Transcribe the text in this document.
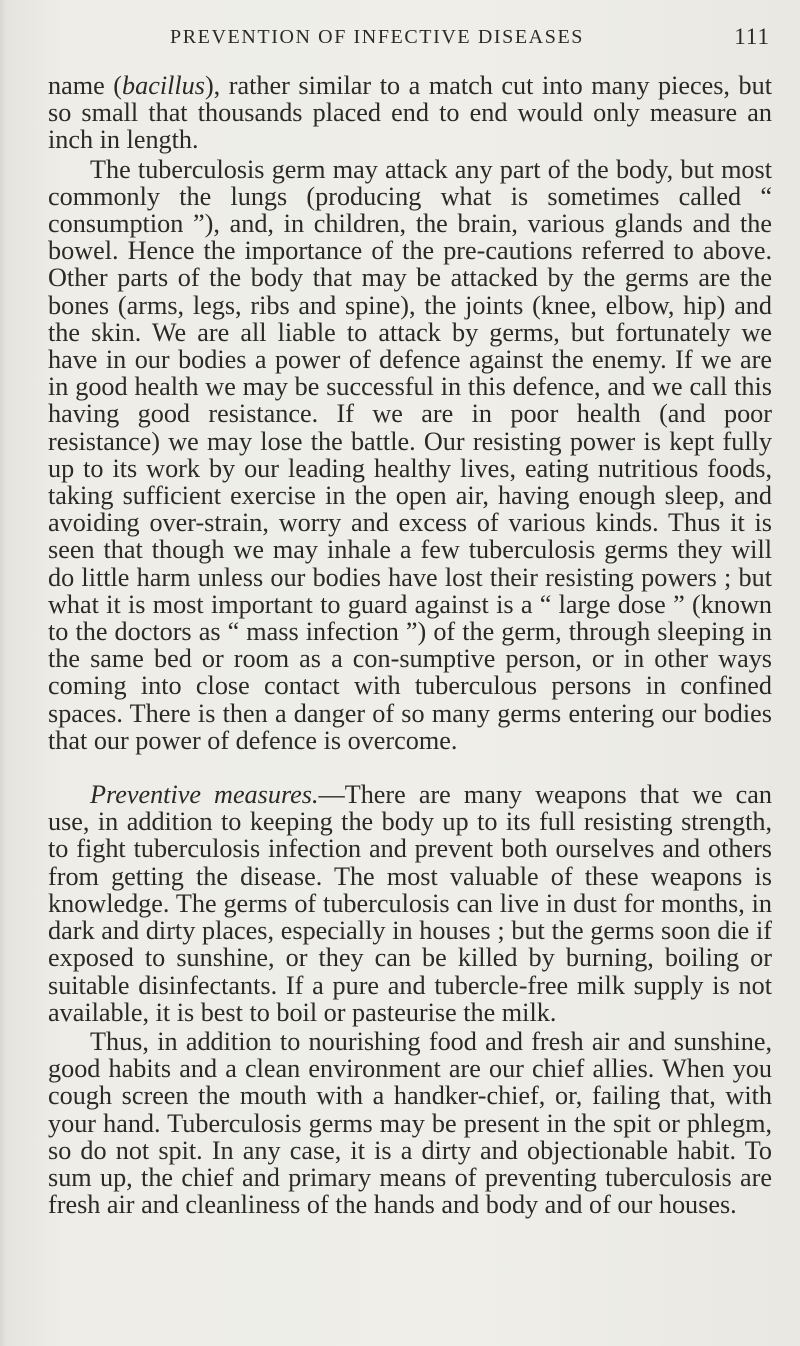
PREVENTION OF INFECTIVE DISEASES	111

name (bacillus), rather similar to a match cut into many pieces, but so small that thousands placed end to end would only measure an inch in length.

The tuberculosis germ may attack any part of the body, but most commonly the lungs (producing what is sometimes called “ consumption ”), and, in children, the brain, various glands and the bowel. Hence the importance of the pre-cautions referred to above. Other parts of the body that may be attacked by the germs are the bones (arms, legs, ribs and spine), the joints (knee, elbow, hip) and the skin. We are all liable to attack by germs, but fortunately we have in our bodies a power of defence against the enemy. If we are in good health we may be successful in this defence, and we call this having good resistance. If we are in poor health (and poor resistance) we may lose the battle. Our resisting power is kept fully up to its work by our leading healthy lives, eating nutritious foods, taking sufficient exercise in the open air, having enough sleep, and avoiding over-strain, worry and excess of various kinds. Thus it is seen that though we may inhale a few tuberculosis germs they will do little harm unless our bodies have lost their resisting powers ; but what it is most important to guard against is a “ large dose ” (known to the doctors as “ mass infection ”) of the germ, through sleeping in the same bed or room as a con-sumptive person, or in other ways coming into close contact with tuberculous persons in confined spaces. There is then a danger of so many germs entering our bodies that our power of defence is overcome.

Preventive measures.—There are many weapons that we can use, in addition to keeping the body up to its full resisting strength, to fight tuberculosis infection and prevent both ourselves and others from getting the disease. The most valuable of these weapons is knowledge. The germs of tuberculosis can live in dust for months, in dark and dirty places, especially in houses ; but the germs soon die if exposed to sunshine, or they can be killed by burning, boiling or suitable disinfectants. If a pure and tubercle-free milk supply is not available, it is best to boil or pasteurise the milk.

Thus, in addition to nourishing food and fresh air and sunshine, good habits and a clean environment are our chief allies. When you cough screen the mouth with a handker-chief, or, failing that, with your hand. Tuberculosis germs may be present in the spit or phlegm, so do not spit. In any case, it is a dirty and objectionable habit. To sum up, the chief and primary means of preventing tuberculosis are fresh air and cleanliness of the hands and body and of our houses.
